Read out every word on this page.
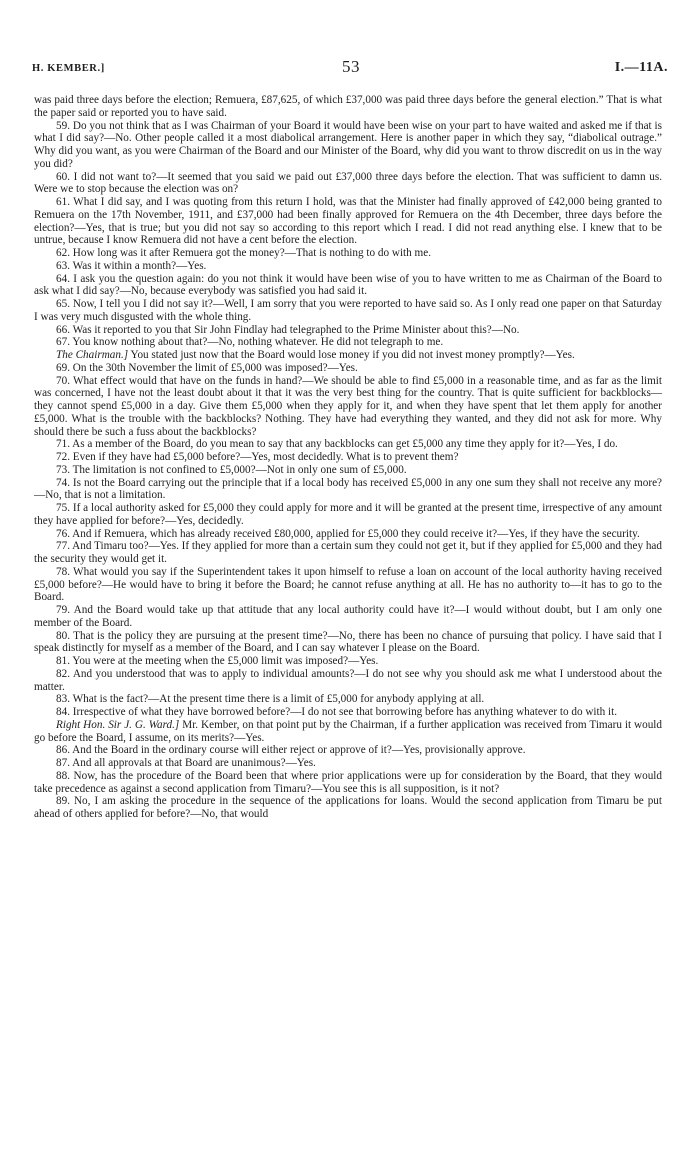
H. KEMBER.]	53	I.—11A.

was paid three days before the election; Remuera, £87,625, of which £37,000 was paid three days before the general election.” That is what the paper said or reported you to have said.

59. Do you not think that as I was Chairman of your Board it would have been wise on your part to have waited and asked me if that is what I did say?—No. Other people called it a most diabolical arrangement. Here is another paper in which they say, “diabolical outrage.” Why did you want, as you were Chairman of the Board and our Minister of the Board, why did you want to throw discredit on us in the way you did?

60. I did not want to?—It seemed that you said we paid out £37,000 three days before the election. That was sufficient to damn us. Were we to stop because the election was on?

61. What I did say, and I was quoting from this return I hold, was that the Minister had finally approved of £42,000 being granted to Remuera on the 17th November, 1911, and £37,000 had been finally approved for Remuera on the 4th December, three days before the election?—Yes, that is true; but you did not say so according to this report which I read. I did not read anything else. I knew that to be untrue, because I know Remuera did not have a cent before the election.

62. How long was it after Remuera got the money?—That is nothing to do with me.

63. Was it within a month?—Yes.

64. I ask you the question again: do you not think it would have been wise of you to have written to me as Chairman of the Board to ask what I did say?—No, because everybody was satisfied you had said it.

65. Now, I tell you I did not say it?—Well, I am sorry that you were reported to have said so. As I only read one paper on that Saturday I was very much disgusted with the whole thing.

66. Was it reported to you that Sir John Findlay had telegraphed to the Prime Minister about this?—No.

67. You know nothing about that?—No, nothing whatever. He did not telegraph to me.

The Chairman.] You stated just now that the Board would lose money if you did not invest money promptly?—Yes.

69. On the 30th November the limit of £5,000 was imposed?—Yes.

70. What effect would that have on the funds in hand?—We should be able to find £5,000 in a reasonable time, and as far as the limit was concerned, I have not the least doubt about it that it was the very best thing for the country. That is quite sufficient for backblocks—they cannot spend £5,000 in a day. Give them £5,000 when they apply for it, and when they have spent that let them apply for another £5,000. What is the trouble with the backblocks? Nothing. They have had everything they wanted, and they did not ask for more. Why should there be such a fuss about the backblocks?

71. As a member of the Board, do you mean to say that any backblocks can get £5,000 any time they apply for it?—Yes, I do.

72. Even if they have had £5,000 before?—Yes, most decidedly. What is to prevent them?

73. The limitation is not confined to £5,000?—Not in only one sum of £5,000.

74. Is not the Board carrying out the principle that if a local body has received £5,000 in any one sum they shall not receive any more?—No, that is not a limitation.

75. If a local authority asked for £5,000 they could apply for more and it will be granted at the present time, irrespective of any amount they have applied for before?—Yes, decidedly.

76. And if Remuera, which has already received £80,000, applied for £5,000 they could receive it?—Yes, if they have the security.

77. And Timaru too?—Yes. If they applied for more than a certain sum they could not get it, but if they applied for £5,000 and they had the security they would get it.

78. What would you say if the Superintendent takes it upon himself to refuse a loan on account of the local authority having received £5,000 before?—He would have to bring it before the Board; he cannot refuse anything at all. He has no authority to—it has to go to the Board.

79. And the Board would take up that attitude that any local authority could have it?—I would without doubt, but I am only one member of the Board.

80. That is the policy they are pursuing at the present time?—No, there has been no chance of pursuing that policy. I have said that I speak distinctly for myself as a member of the Board, and I can say whatever I please on the Board.

81. You were at the meeting when the £5,000 limit was imposed?—Yes.

82. And you understood that was to apply to individual amounts?—I do not see why you should ask me what I understood about the matter.

83. What is the fact?—At the present time there is a limit of £5,000 for anybody applying at all.

84. Irrespective of what they have borrowed before?—I do not see that borrowing before has anything whatever to do with it.

Right Hon. Sir J. G. Ward.] Mr. Kember, on that point put by the Chairman, if a further application was received from Timaru it would go before the Board, I assume, on its merits?—Yes.

86. And the Board in the ordinary course will either reject or approve of it?—Yes, provisionally approve.

87. And all approvals at that Board are unanimous?—Yes.

88. Now, has the procedure of the Board been that where prior applications were up for consideration by the Board, that they would take precedence as against a second application from Timaru?—You see this is all supposition, is it not?

89. No, I am asking the procedure in the sequence of the applications for loans. Would the second application from Timaru be put ahead of others applied for before?—No, that would
